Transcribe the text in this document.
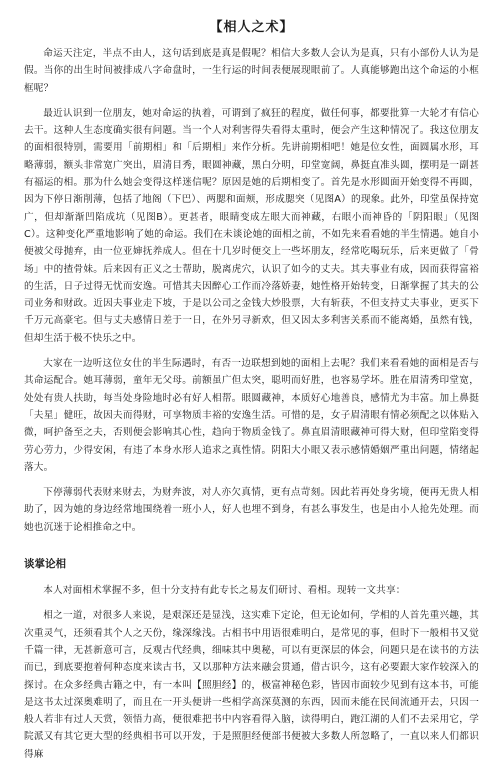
【相人之术】

命运天注定，半点不由人，这句话到底是真是假呢？相信大多数人会认为是真，只有小部份人认为是假。当你的出生时间被排成八字命盘时，一生行运的时间表便展现眼前了。人真能够跑出这个命运的小框框呢？

最近认识到一位朋友，她对命运的执着，可谓到了疯狂的程度，做任何事，都要批算一大轮才有信心去干。这种人生态度确实很有问题。当一个人对利害得失看得太重时，便会产生这种情况了。我这位朋友的面相很特别，需要用「前期相」和「后期相」来作分析。先讲前期相吧！她是位女性，面圆属水形，耳略薄弱，额头非常宽广突出，眉清目秀，眼圆神藏，黑白分明，印堂宽阔，鼻挺直准头圆，摆明是一副甚有福运的相。那为什么她会变得这样迷信呢？原因是她的后期相变了。首先是水形圆面开始变得不再圆，因为下停日渐削薄，包括了地阁（下巴）、两腮和面颊，形成腮突（见图A）的现象。此外，印堂虽保持宽广，但却渐渐凹陷成坑（见图B）。更甚者，眼睛变成左眼大而神藏，右眼小而神昏的「阴阳眼」（见图C）。这种变化严重地影响了她的命运。我们在未谈论她的面相之前，不如先来看看她的半生情遇。她自小便被父母抛弃，由一位亚婶抚养成人。但在十几岁时便交上一些坏朋友，经常吃喝玩乐，后来更做了「骨场」中的揸骨妹。后来因有正义之士帮助，脱离虎穴，认识了如今的丈夫。其夫事业有成，因而获得富裕的生活，日子过得无忧而安逸。可惜其夫因醉心工作而冷落娇妻，她性格开始转变，日渐掌握了其夫的公司业务和财政。近因夫事业走下坡，于是以公司之金钱大炒股票，大有斩获，不但支持丈夫事业，更买下千万元高豪宅。但与丈夫感情日差于一日，在外另寻新欢，但又因太多利害关系而不能离婚，虽然有钱，但却生活于极不快乐之中。

大家在一边听这位女仕的半生际遇时，有否一边联想到她的面相上去呢？我们来看看她的面相是否与其命运配合。她耳薄弱，童年无父母。前额虽广但太突，聪明而好胜，也容易学坏。胜在眉清秀印堂宽，处处有贵人扶助，每当处身险地时必有好人相帮。眼圆藏神，本质好心地善良，感情尤为丰富。加上鼻挺「夫星」健旺，故因夫而得财，可享物质丰裕的安逸生活。可惜的是，女子眉清眼有情必须配之以体贴入微，呵护备至之夫，否则便会影响其心性，趋向于物质金钱了。鼻直眉清眼藏神可得大财，但印堂陷变得劳心劳力，少得安闲，有违了本身水形人追求之真性情。阴阳大小眼又表示感情婚姻严重出问题，情绪起落大。

下停薄弱代表财来财去，为财奔波，对人亦欠真情，更有点苛刻。因此若再处身劣境，便再无贵人相助了，因为她的身边经常地围绕着一班小人，好人也埋不到身，有甚么事发生，也是由小人抢先处理。而她也沉迷于论相推命之中。

谈掌论相

本人对面相术掌握不多，但十分支持有此专长之易友们研讨、看相。现转一文共享：

相之一道，对很多人来说，是艰深还是显浅，这实难下定论，但无论如何，学相的人首先重兴趣，其次重灵气，还须看其个人之天份，缘深缘浅。古相书中用语很难明白，是常见的事，但时下一般相书又觉千篇一律，无甚新意可言，反观古代经典，细味其中奥秘，可以有更深层的体会，问题只是在读书的方法而已，到底要抱着何种态度来读古书，又以那种方法来融会贯通，借古识今，这有必要跟大家作较深入的探讨。在众多经典古籍之中，有一本叫【照胆经】的，极富神秘色彩，皆因市面较少见到有这本书，可能是这书太过深奥难明了，而且在一开头便讲一些相学高深莫测的东西，因而未能在民间流通开去，只因一般人若非有过人天赏，领悟力高，便很难把书中内容看得入脑，读得明白，跑江湖的人们不去采用它，学院派又有其它更大型的经典相书可以开发，于是照胆经便部书便被大多数人所忽略了，一直以来人们都识得麻
